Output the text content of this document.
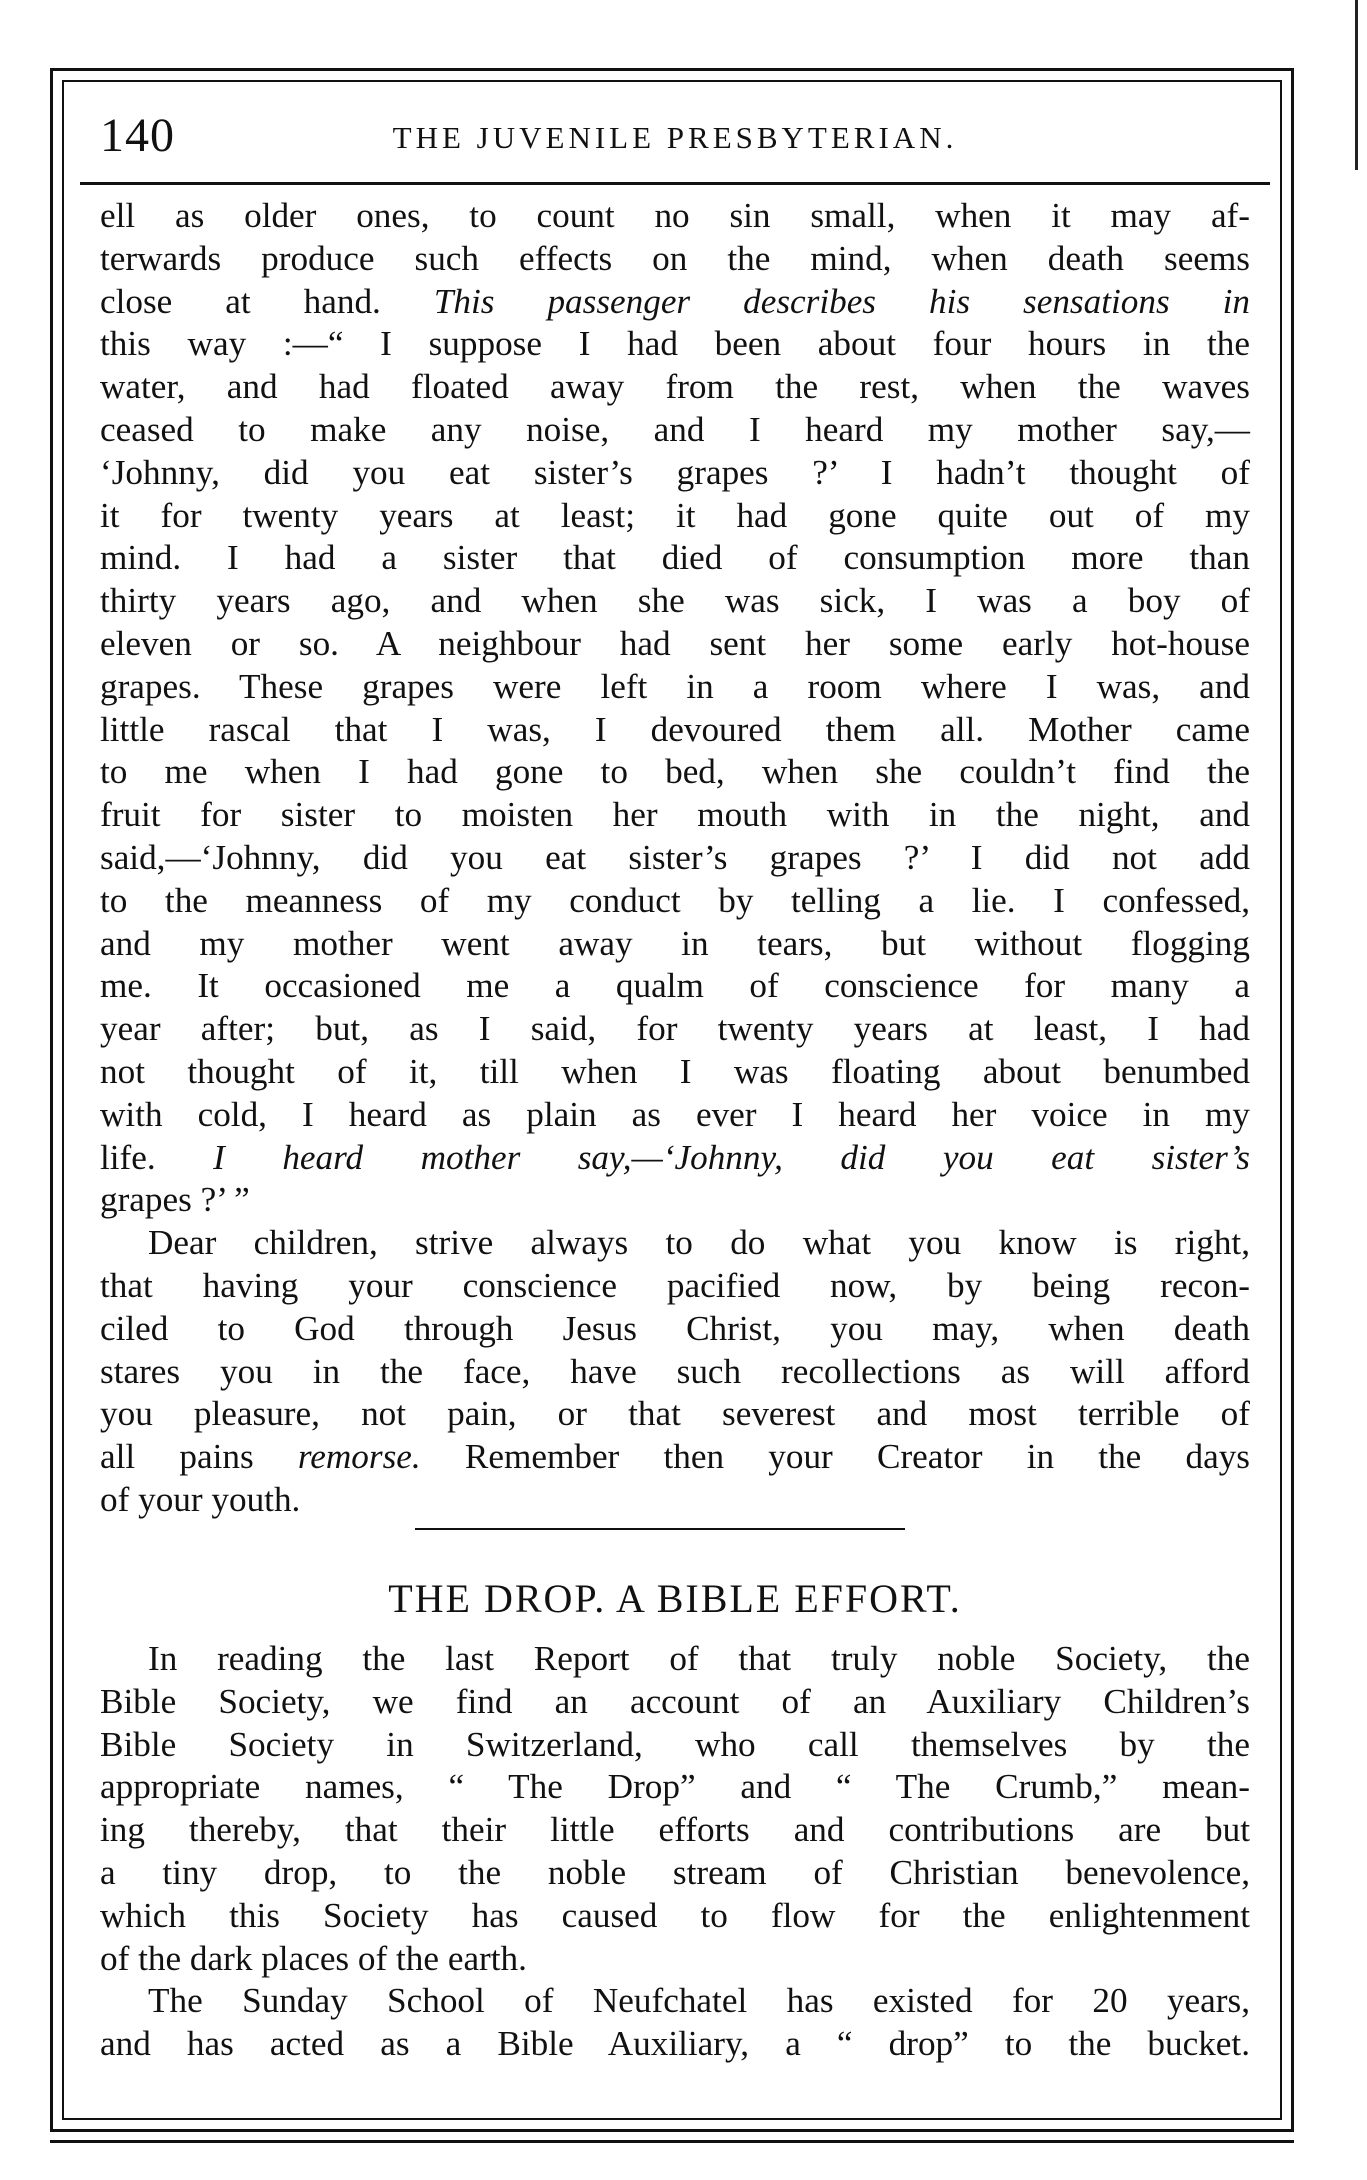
140	THE JUVENILE PRESBYTERIAN.
ell as older ones, to count no sin small, when it may af-
terwards produce such effects on the mind, when death seems
close at hand. This passenger describes his sensations in
this way :—“ I suppose I had been about four hours in the
water, and had floated away from the rest, when the waves
ceased to make any noise, and I heard my mother say,—
‘Johnny, did you eat sister’s grapes ?’ I hadn’t thought of
it for twenty years at least; it had gone quite out of my
mind. I had a sister that died of consumption more than
thirty years ago, and when she was sick, I was a boy of
eleven or so. A neighbour had sent her some early hot-house
grapes. These grapes were left in a room where I was, and
little rascal that I was, I devoured them all. Mother came
to me when I had gone to bed, when she couldn’t find the
fruit for sister to moisten her mouth with in the night, and
said,—‘Johnny, did you eat sister’s grapes ?’ I did not add
to the meanness of my conduct by telling a lie. I confessed,
and my mother went away in tears, but without flogging
me. It occasioned me a qualm of conscience for many a
year after; but, as I said, for twenty years at least, I had
not thought of it, till when I was floating about benumbed
with cold, I heard as plain as ever I heard her voice in my
life. I heard mother say,—‘Johnny, did you eat sister’s
grapes ?’ ”
Dear children, strive always to do what you know is right,
that having your conscience pacified now, by being recon-
ciled to God through Jesus Christ, you may, when death
stares you in the face, have such recollections as will afford
you pleasure, not pain, or that severest and most terrible of
all pains remorse. Remember then your Creator in the days
of your youth.
THE DROP. A BIBLE EFFORT.
In reading the last Report of that truly noble Society, the
Bible Society, we find an account of an Auxiliary Children’s
Bible Society in Switzerland, who call themselves by the
appropriate names, “ The Drop” and “ The Crumb,” mean-
ing thereby, that their little efforts and contributions are but
a tiny drop, to the noble stream of Christian benevolence,
which this Society has caused to flow for the enlightenment
of the dark places of the earth.
The Sunday School of Neufchatel has existed for 20 years,
and has acted as a Bible Auxiliary, a “ drop” to the bucket.
